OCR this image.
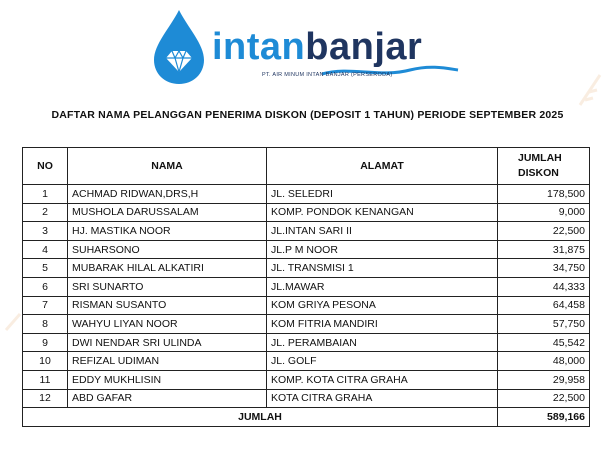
intanbanjar
PT. AIR MINUM INTAN BANJAR (PERSERODA)
DAFTAR NAMA PELANGGAN PENERIMA DISKON (DEPOSIT 1 TAHUN) PERIODE SEPTEMBER 2025
NO	NAMA	ALAMAT	JUMLAH
DISKON

1	ACHMAD RIDWAN,DRS,H	JL. SELEDRI	178,500
2	MUSHOLA DARUSSALAM	KOMP. PONDOK KENANGAN	9,000
3	HJ. MASTIKA NOOR	JL.INTAN SARI II	22,500
4	SUHARSONO	JL.P M NOOR	31,875
5	MUBARAK HILAL ALKATIRI	JL. TRANSMISI 1	34,750
6	SRI SUNARTO	JL.MAWAR	44,333
7	RISMAN SUSANTO	KOM GRIYA PESONA	64,458
8	WAHYU LIYAN NOOR	KOM FITRIA MANDIRI	57,750
9	DWI NENDAR SRI ULINDA	JL. PERAMBAIAN	45,542
10	REFIZAL UDIMAN	JL. GOLF	48,000
11	EDDY MUKHLISIN	KOMP. KOTA CITRA GRAHA	29,958
12	ABD GAFAR	KOTA CITRA GRAHA	22,500
JUMLAH			589,166
